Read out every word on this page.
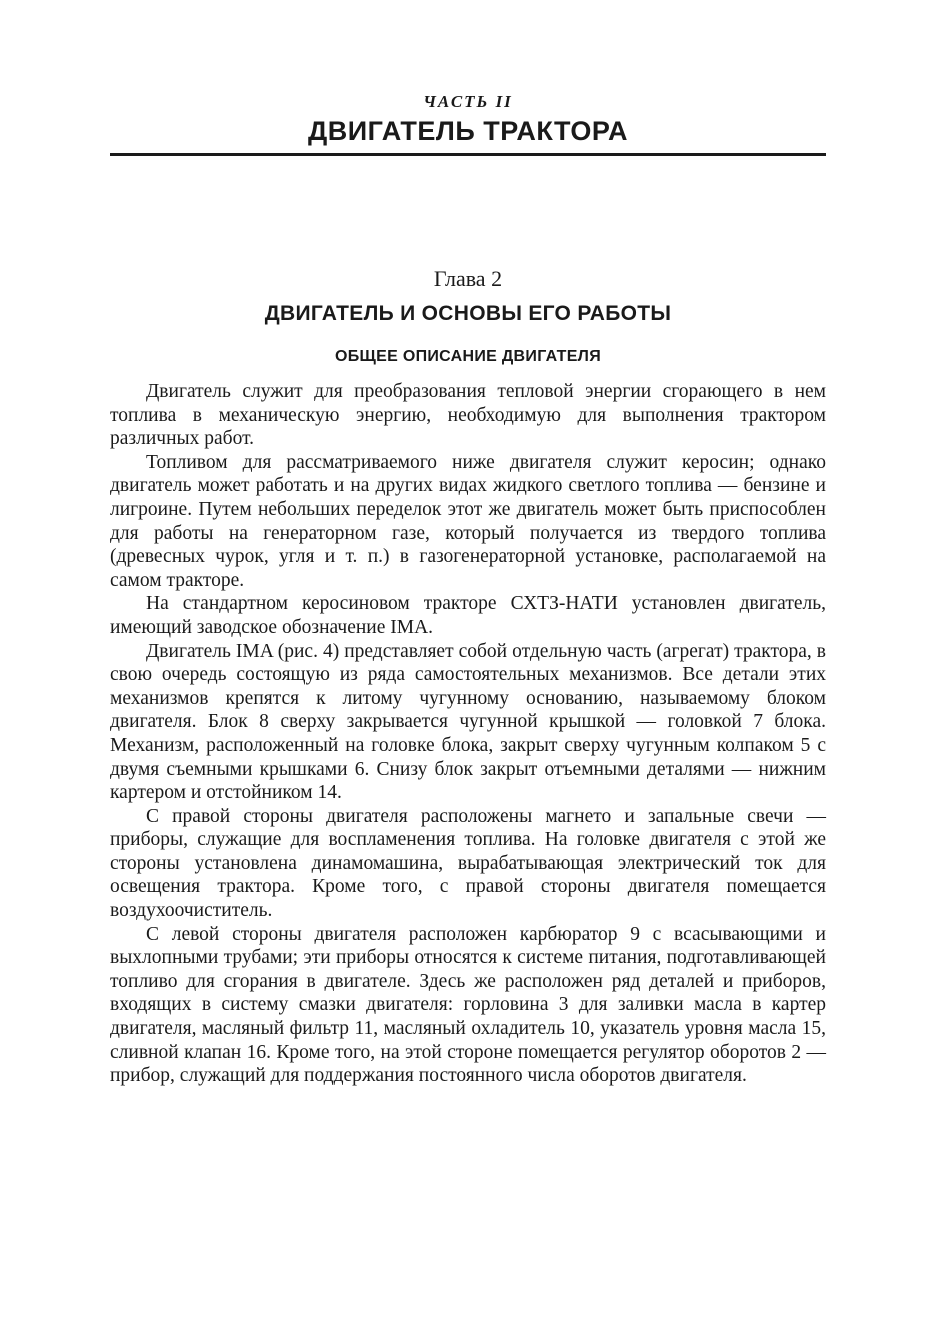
ЧАСТЬ II
ДВИГАТЕЛЬ ТРАКТОРА
Глава 2
ДВИГАТЕЛЬ И ОСНОВЫ ЕГО РАБОТЫ
ОБЩЕЕ ОПИСАНИЕ ДВИГАТЕЛЯ

Двигатель служит для преобразования тепловой энергии сгорающего в нем топлива в механическую энергию, необходимую для выполнения трактором различных работ.

Топливом для рассматриваемого ниже двигателя служит керосин; однако двигатель может работать и на других видах жидкого светлого топлива — бензине и лигроине. Путем небольших переделок этот же двигатель может быть приспособлен для работы на генераторном газе, который получается из твердого топлива (древесных чурок, угля и т. п.) в газогенераторной установке, располагаемой на самом тракторе.

На стандартном керосиновом тракторе СХТЗ-НАТИ установлен двигатель, имеющий заводское обозначение IMA.

Двигатель IMA (рис. 4) представляет собой отдельную часть (агрегат) трактора, в свою очередь состоящую из ряда самостоятельных механизмов. Все детали этих механизмов крепятся к литому чугунному основанию, называемому блоком двигателя. Блок 8 сверху закрывается чугунной крышкой — головкой 7 блока. Механизм, расположенный на головке блока, закрыт сверху чугунным колпаком 5 с двумя съемными крышками 6. Снизу блок закрыт отъемными деталями — нижним картером и отстойником 14.

С правой стороны двигателя расположены магнето и запальные свечи — приборы, служащие для воспламенения топлива. На головке двигателя с этой же стороны установлена динамомашина, вырабатывающая электрический ток для освещения трактора. Кроме того, с правой стороны двигателя помещается воздухоочиститель.

С левой стороны двигателя расположен карбюратор 9 с всасывающими и выхлопными трубами; эти приборы относятся к системе питания, подготавливающей топливо для сгорания в двигателе. Здесь же расположен ряд деталей и приборов, входящих в систему смазки двигателя: горловина 3 для заливки масла в картер двигателя, масляный фильтр 11, масляный охладитель 10, указатель уровня масла 15, сливной клапан 16. Кроме того, на этой стороне помещается регулятор оборотов 2 — прибор, служащий для поддержания постоянного числа оборотов двигателя.
